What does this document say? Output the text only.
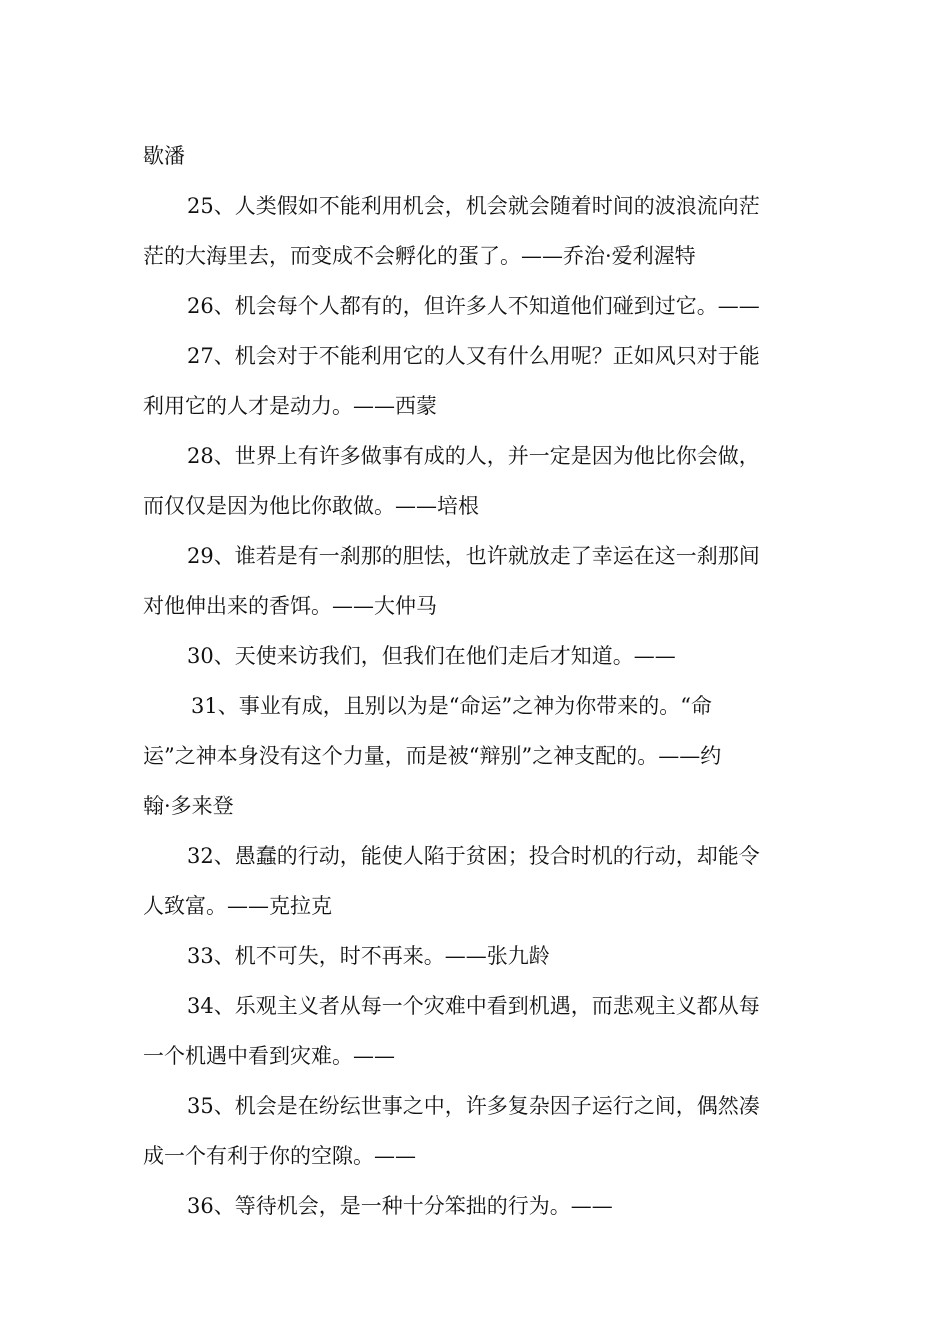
歇潘
25、人类假如不能利用机会，机会就会随着时间的波浪流向茫
茫的大海里去，而变成不会孵化的蛋了。——乔治·爱利渥特
26、机会每个人都有的，但许多人不知道他们碰到过它。——
27、机会对于不能利用它的人又有什么用呢？正如风只对于能
利用它的人才是动力。——西蒙
28、世界上有许多做事有成的人，并一定是因为他比你会做，
而仅仅是因为他比你敢做。——培根
29、谁若是有一刹那的胆怯，也许就放走了幸运在这一刹那间
对他伸出来的香饵。——大仲马
30、天使来访我们，但我们在他们走后才知道。——
31、事业有成，且别以为是“命运”之神为你带来的。“命
运”之神本身没有这个力量，而是被“辩别”之神支配的。——约
翰·多来登
32、愚蠢的行动，能使人陷于贫困；投合时机的行动，却能令
人致富。——克拉克
33、机不可失，时不再来。——张九龄
34、乐观主义者从每一个灾难中看到机遇，而悲观主义都从每
一个机遇中看到灾难。——
35、机会是在纷纭世事之中，许多复杂因子运行之间，偶然凑
成一个有利于你的空隙。——
36、等待机会，是一种十分笨拙的行为。——
